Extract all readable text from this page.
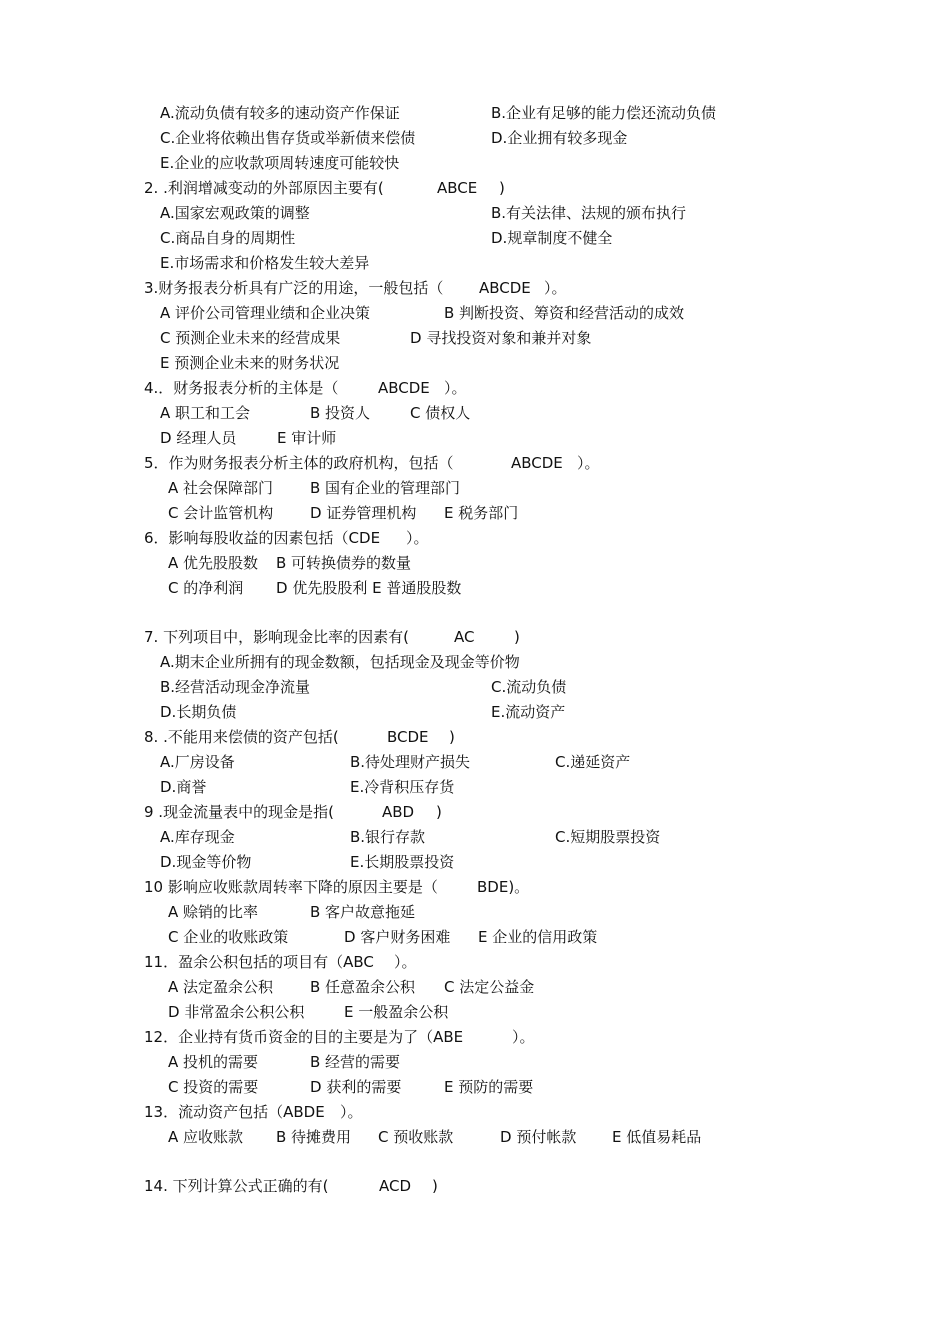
A.流动负债有较多的速动资产作保证	B.企业有足够的能力偿还流动负债
C.企业将依赖出售存货或举新债来偿债	D.企业拥有较多现金
E.企业的应收款项周转速度可能较快
2. .利润增减变动的外部原因主要有(	ABCE )
A.国家宏观政策的调整	B.有关法律、法规的颁布执行
C.商品自身的周期性	D.规章制度不健全
E.市场需求和价格发生较大差异
3.财务报表分析具有广泛的用途，一般包括（ ABCDE ）。
A 评价公司管理业绩和企业决策	B 判断投资、筹资和经营活动的成效
C 预测企业未来的经营成果	D 寻找投资对象和兼并对象
E 预测企业未来的财务状况
4.．财务报表分析的主体是（	ABCDE ）。
A 职工和工会	B 投资人	C 债权人
D 经理人员	E 审计师
5．作为财务报表分析主体的政府机构，包括（	ABCDE ）。
A 社会保障部门 B 国有企业的管理部门
C 会计监管机构 D 证券管理机构 E 税务部门
6．影响每股收益的因素包括（CDE ）。
A 优先股股数 B 可转换债券的数量
C 的净利润 D 优先股股利 E 普通股股数
7. 下列项目中，影响现金比率的因素有(	AC	)
A.期末企业所拥有的现金数额，包括现金及现金等价物
B.经营活动现金净流量	C.流动负债
D.长期负债	E.流动资产
8. .不能用来偿债的资产包括(	BCDE )
A.厂房设备	B.待处理财产损失	C.递延资产
D.商誉	E.冷背积压存货
9 .现金流量表中的现金是指(	ABD )
A.库存现金	B.银行存款	C.短期股票投资
D.现金等价物	E.长期股票投资
10 影响应收账款周转率下降的原因主要是（	BDE)。
A 赊销的比率	B 客户故意拖延
C 企业的收账政策	D 客户财务困难 E 企业的信用政策
11．盈余公积包括的项目有（ABC ）。
A 法定盈余公积 B 任意盈余公积 C 法定公益金
D 非常盈余公积公积	E 一般盈余公积
12．企业持有货币资金的目的主要是为了（ABE	）。
A 投机的需要	B 经营的需要
C 投资的需要	D 获利的需要	E 预防的需要
13．流动资产包括（ABDE ）。
A 应收账款 B 待摊费用 C 预收账款	D 预付帐款 E 低值易耗品
14. 下列计算公式正确的有(	ACD )
